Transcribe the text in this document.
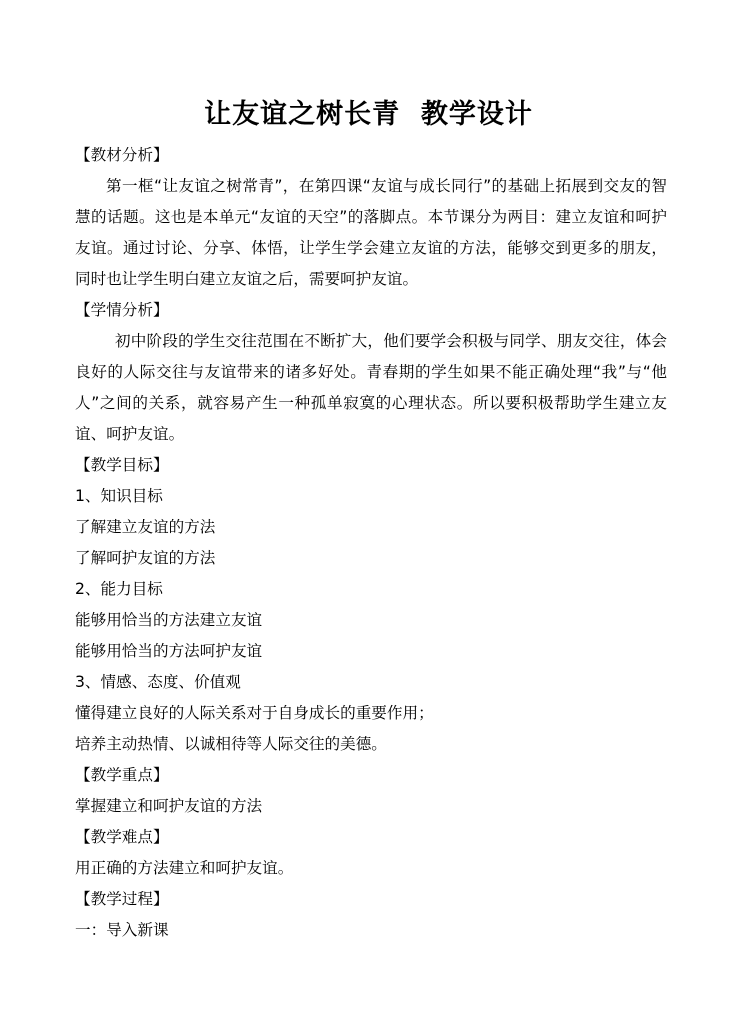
让友谊之树长青  教学设计
【教材分析】
第一框“让友谊之树常青”，在第四课“友谊与成长同行”的基础上拓展到交友的智慧的话题。这也是本单元“友谊的天空”的落脚点。本节课分为两目：建立友谊和呵护友谊。通过讨论、分享、体悟，让学生学会建立友谊的方法，能够交到更多的朋友，同时也让学生明白建立友谊之后，需要呵护友谊。
【学情分析】
初中阶段的学生交往范围在不断扩大，他们要学会积极与同学、朋友交往，体会良好的人际交往与友谊带来的诸多好处。青春期的学生如果不能正确处理“我”与“他人”之间的关系，就容易产生一种孤单寂寞的心理状态。所以要积极帮助学生建立友谊、呵护友谊。
【教学目标】
1、知识目标
了解建立友谊的方法
了解呵护友谊的方法
2、能力目标
能够用恰当的方法建立友谊
能够用恰当的方法呵护友谊
3、情感、态度、价值观
懂得建立良好的人际关系对于自身成长的重要作用；
培养主动热情、以诚相待等人际交往的美德。
【教学重点】
掌握建立和呵护友谊的方法
【教学难点】
用正确的方法建立和呵护友谊。
【教学过程】
一：导入新课
